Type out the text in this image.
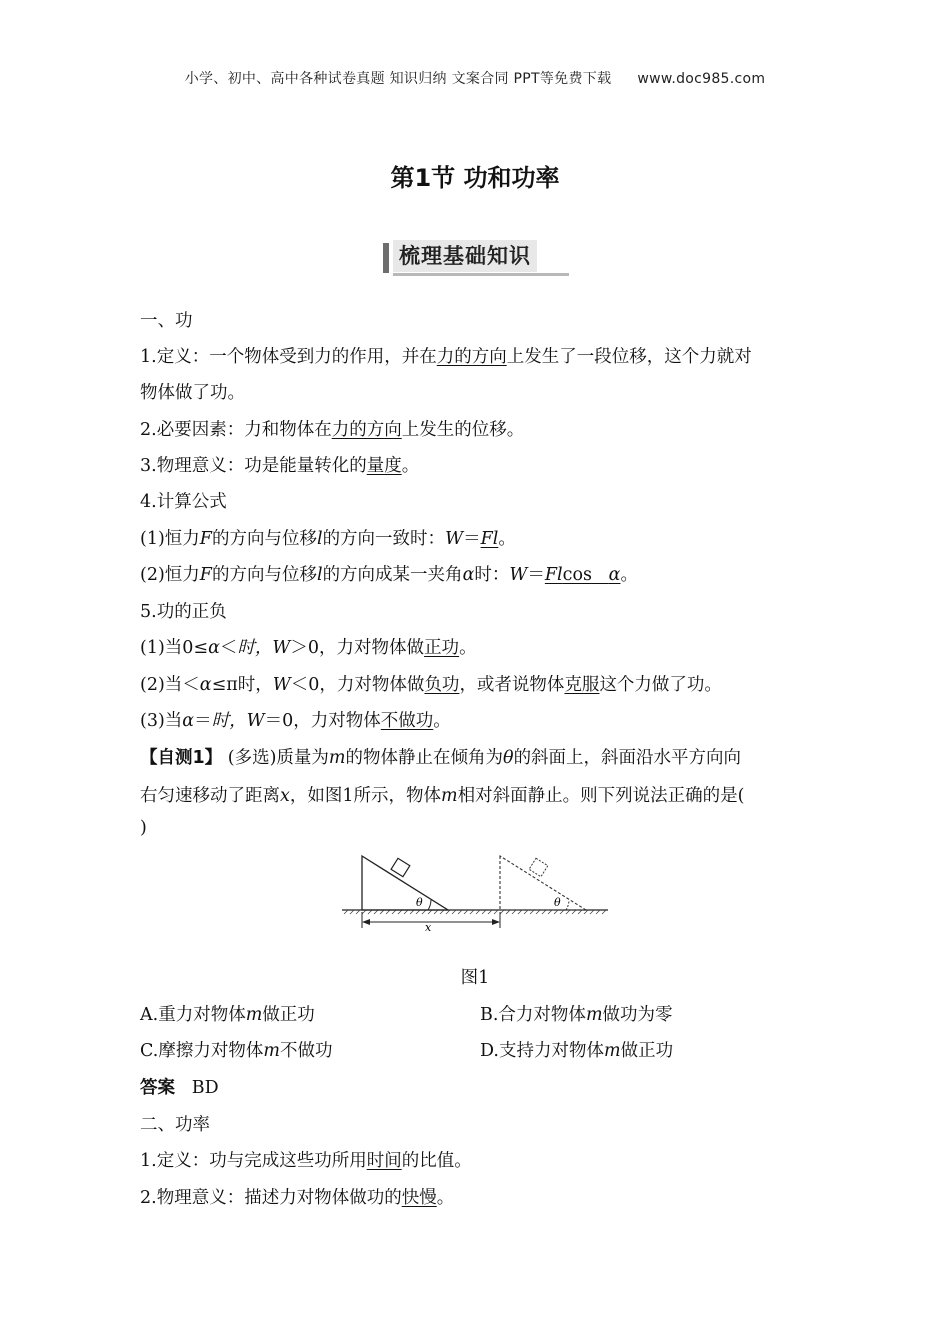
小学、初中、高中各种试卷真题 知识归纳 文案合同 PPT等免费下载 www.doc985.com
第1节 功和功率
梳理基础知识
一、功
1.定义：一个物体受到力的作用，并在力的方向上发生了一段位移，这个力就对
物体做了功。
2.必要因素：力和物体在力的方向上发生的位移。
3.物理意义：功是能量转化的量度。
4.计算公式
(1)恒力F的方向与位移l的方向一致时：W＝Fl。
(2)恒力F的方向与位移l的方向成某一夹角α时：W＝Flcos α。
5.功的正负
(1)当0≤α＜时，W＞0，力对物体做正功。
(2)当＜α≤π时，W＜0，力对物体做负功，或者说物体克服这个力做了功。
(3)当α＝时，W＝0，力对物体不做功。
【自测1】 (多选)质量为m的物体静止在倾角为θ的斜面上，斜面沿水平方向向
右匀速移动了距离x，如图1所示，物体m相对斜面静止。则下列说法正确的是(
)
θ	θ
x
图1
A.重力对物体m做正功	B.合力对物体m做功为零
C.摩擦力对物体m不做功	D.支持力对物体m做正功
答案 BD
二、功率
1.定义：功与完成这些功所用时间的比值。
2.物理意义：描述力对物体做功的快慢。
